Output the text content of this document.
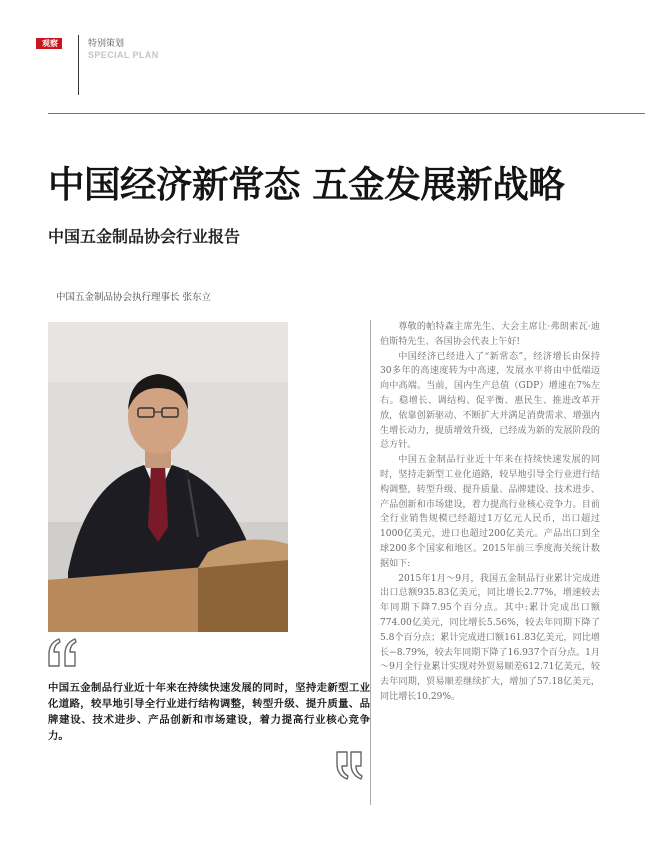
观察	特别策划
SPECIAL PLAN
中国经济新常态 五金发展新战略
中国五金制品协会行业报告
中国五金制品协会执行理事长 张东立

中国五金制品行业近十年来在持续快速发展的同时，坚持走新型工业化道路，较早地引导全行业进行结构调整，转型升级、提升质量、品牌建设、技术进步、产品创新和市场建设，着力提高行业核心竞争力。

尊敬的帕特森主席先生、大会主席让·弗朗索瓦·迪伯斯特先生、各国协会代表上午好!

中国经济已经进入了“新常态”，经济增长由保持30多年的高速度转为中高速，发展水平将由中低端迈向中高端。当前，国内生产总值（GDP）增速在7%左右。稳增长、调结构、促平衡、惠民生、推进改革开放，依靠创新驱动、不断扩大并满足消费需求、增强内生增长动力，提质增效升级，已经成为新的发展阶段的总方针。

中国五金制品行业近十年来在持续快速发展的同时，坚持走新型工业化道路，较早地引导全行业进行结构调整，转型升级、提升质量、品牌建设、技术进步、产品创新和市场建设，着力提高行业核心竞争力。目前全行业销售规模已经超过1万亿元人民币，出口超过1000亿美元，进口也超过200亿美元。产品出口到全球200多个国家和地区。2015年前三季度海关统计数据如下:

2015年1月～9月，我国五金制品行业累计完成进出口总额935.83亿美元，同比增长2.77%，增速较去年同期下降7.95个百分点。其中:累计完成出口额774.00亿美元，同比增长5.56%，较去年同期下降了5.8个百分点；累计完成进口额161.83亿美元，同比增长−8.79%，较去年同期下降了16.937个百分点。1月～9月全行业累计实现对外贸易顺差612.71亿美元，较去年同期，贸易顺差继续扩大，增加了57.18亿美元，同比增长10.29%。
